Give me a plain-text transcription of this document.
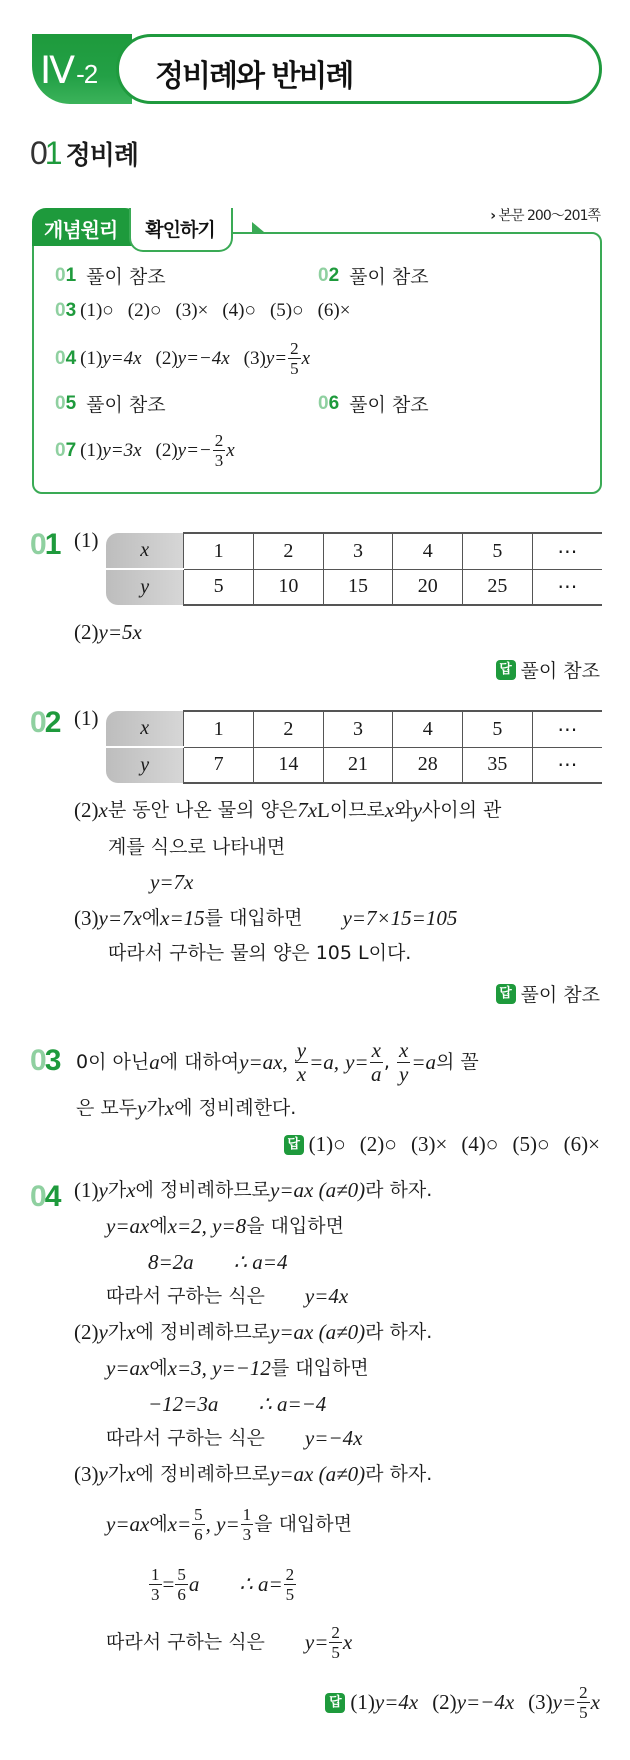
Ⅳ-2 정비례와 반비례
01 정비례
개념원리	확인하기
› 본문 200～201쪽
01 풀이 참조	02 풀이 참조
03 (1)○ (2)○ (3)× (4)○ (5)○ (6)×
04 (1) y=4x (2) y=−4x (3) $y= \frac{2}{5}$ x
05 풀이 참조	06 풀이 참조
07 (1) y=3x (2) $y=- \frac{2}{3}$ x
01 (1) x	1	2	3	4	5	⋯
y	5	10	15	20	25	⋯
(2) y=5x
답 풀이 참조
02 (1) x	1	2	3	4	5	⋯
y	7	14	21	28	35	⋯
(2) x 분 동안 나온 물의 양은 7x L 이므로 x 와 y 사이의 관
계를 식으로 나타내면
y=7x
(3) y=7x 에 x=15 를 대입하면 y=7×15=105
따라서 구하는 물의 양은 105 L이다.
답 풀이 참조
03 0이 아닌 a 에 대하여 y=ax,
$\frac{y}{x} =a$,
$y= \frac{x}{a}$ ,
$\frac{x}{y} =a$ 의 꼴
은 모두 y 가 x 에 정비례한다.
답 (1)○ (2)○ (3)× (4)○ (5)○ (6)×
04 (1) y 가 x 에 정비례하므로 y=ax (a≠0) 라 하자.
y=ax 에 x=2, y=8 을 대입하면
8=2a ∴ a=4
따라서 구하는 식은 y=4x
(2) y 가 x 에 정비례하므로 y=ax (a≠0) 라 하자.
y=ax 에 x=3, y=−12 를 대입하면
−12=3a ∴ a=−4
따라서 구하는 식은 y=−4x
(3) y 가 x 에 정비례하므로 y=ax (a≠0) 라 하자.
y=ax 에 $x= \frac{5}{6}$ , $y= \frac{1}{3}$ 을 대입하면
$\frac{1}{3} = \frac{5}{6}$ a ∴ $a= \frac{2}{5}$
따라서 구하는 식은 $y= \frac{2}{5}$ x
답 (1) y=4x (2) y=−4x (3) $y= \frac{2}{5}$ x
